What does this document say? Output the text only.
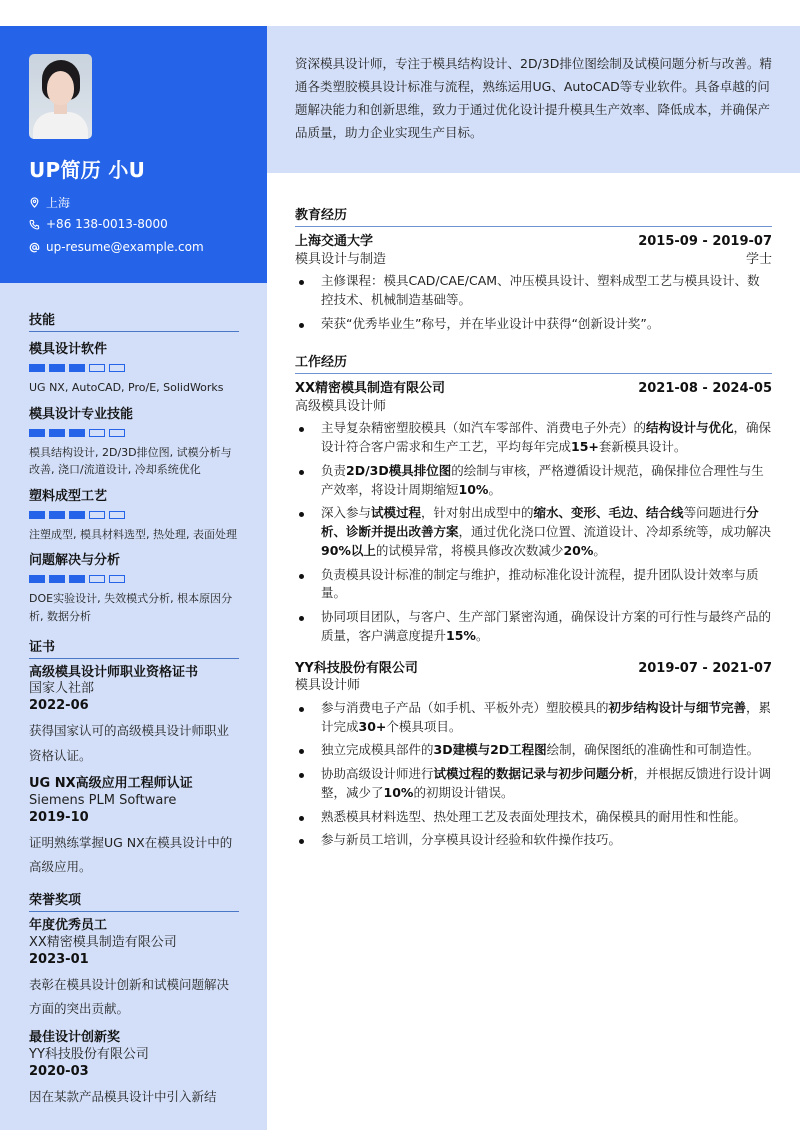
UP简历 小U
上海
+86 138-0013-8000
up-resume@example.com
技能
模具设计软件
UG NX, AutoCAD, Pro/E, SolidWorks
模具设计专业技能
模具结构设计, 2D/3D排位图, 试模分析与改善, 浇口/流道设计, 冷却系统优化
塑料成型工艺
注塑成型, 模具材料选型, 热处理, 表面处理
问题解决与分析
DOE实验设计, 失效模式分析, 根本原因分析, 数据分析
证书
高级模具设计师职业资格证书
国家人社部
2022-06
获得国家认可的高级模具设计师职业资格认证。
UG NX高级应用工程师认证
Siemens PLM Software
2019-10
证明熟练掌握UG NX在模具设计中的高级应用。
荣誉奖项
年度优秀员工
XX精密模具制造有限公司
2023-01
表彰在模具设计创新和试模问题解决方面的突出贡献。
最佳设计创新奖
YY科技股份有限公司
2020-03
因在某款产品模具设计中引入新结
资深模具设计师，专注于模具结构设计、2D/3D排位图绘制及试模问题分析与改善。精通各类塑胶模具设计标准与流程，熟练运用UG、AutoCAD等专业软件。具备卓越的问题解决能力和创新思维，致力于通过优化设计提升模具生产效率、降低成本，并确保产品质量，助力企业实现生产目标。
教育经历
上海交通大学	2015-09 - 2019-07
模具设计与制造	学士
主修课程：模具CAD/CAE/CAM、冲压模具设计、塑料成型工艺与模具设计、数控技术、机械制造基础等。
荣获“优秀毕业生”称号，并在毕业设计中获得“创新设计奖”。
工作经历
XX精密模具制造有限公司	2021-08 - 2024-05
高级模具设计师
主导复杂精密塑胶模具（如汽车零部件、消费电子外壳）的结构设计与优化，确保设计符合客户需求和生产工艺，平均每年完成15+套新模具设计。
负责2D/3D模具排位图的绘制与审核，严格遵循设计规范，确保排位合理性与生产效率，将设计周期缩短10%。
深入参与试模过程，针对射出成型中的缩水、变形、毛边、结合线等问题进行分析、诊断并提出改善方案，通过优化浇口位置、流道设计、冷却系统等，成功解决90%以上的试模异常，将模具修改次数减少20%。
负责模具设计标准的制定与维护，推动标准化设计流程，提升团队设计效率与质量。
协同项目团队，与客户、生产部门紧密沟通，确保设计方案的可行性与最终产品的质量，客户满意度提升15%。
YY科技股份有限公司	2019-07 - 2021-07
模具设计师
参与消费电子产品（如手机、平板外壳）塑胶模具的初步结构设计与细节完善，累计完成30+个模具项目。
独立完成模具部件的3D建模与2D工程图绘制，确保图纸的准确性和可制造性。
协助高级设计师进行试模过程的数据记录与初步问题分析，并根据反馈进行设计调整，减少了10%的初期设计错误。
熟悉模具材料选型、热处理工艺及表面处理技术，确保模具的耐用性和性能。
参与新员工培训，分享模具设计经验和软件操作技巧。
